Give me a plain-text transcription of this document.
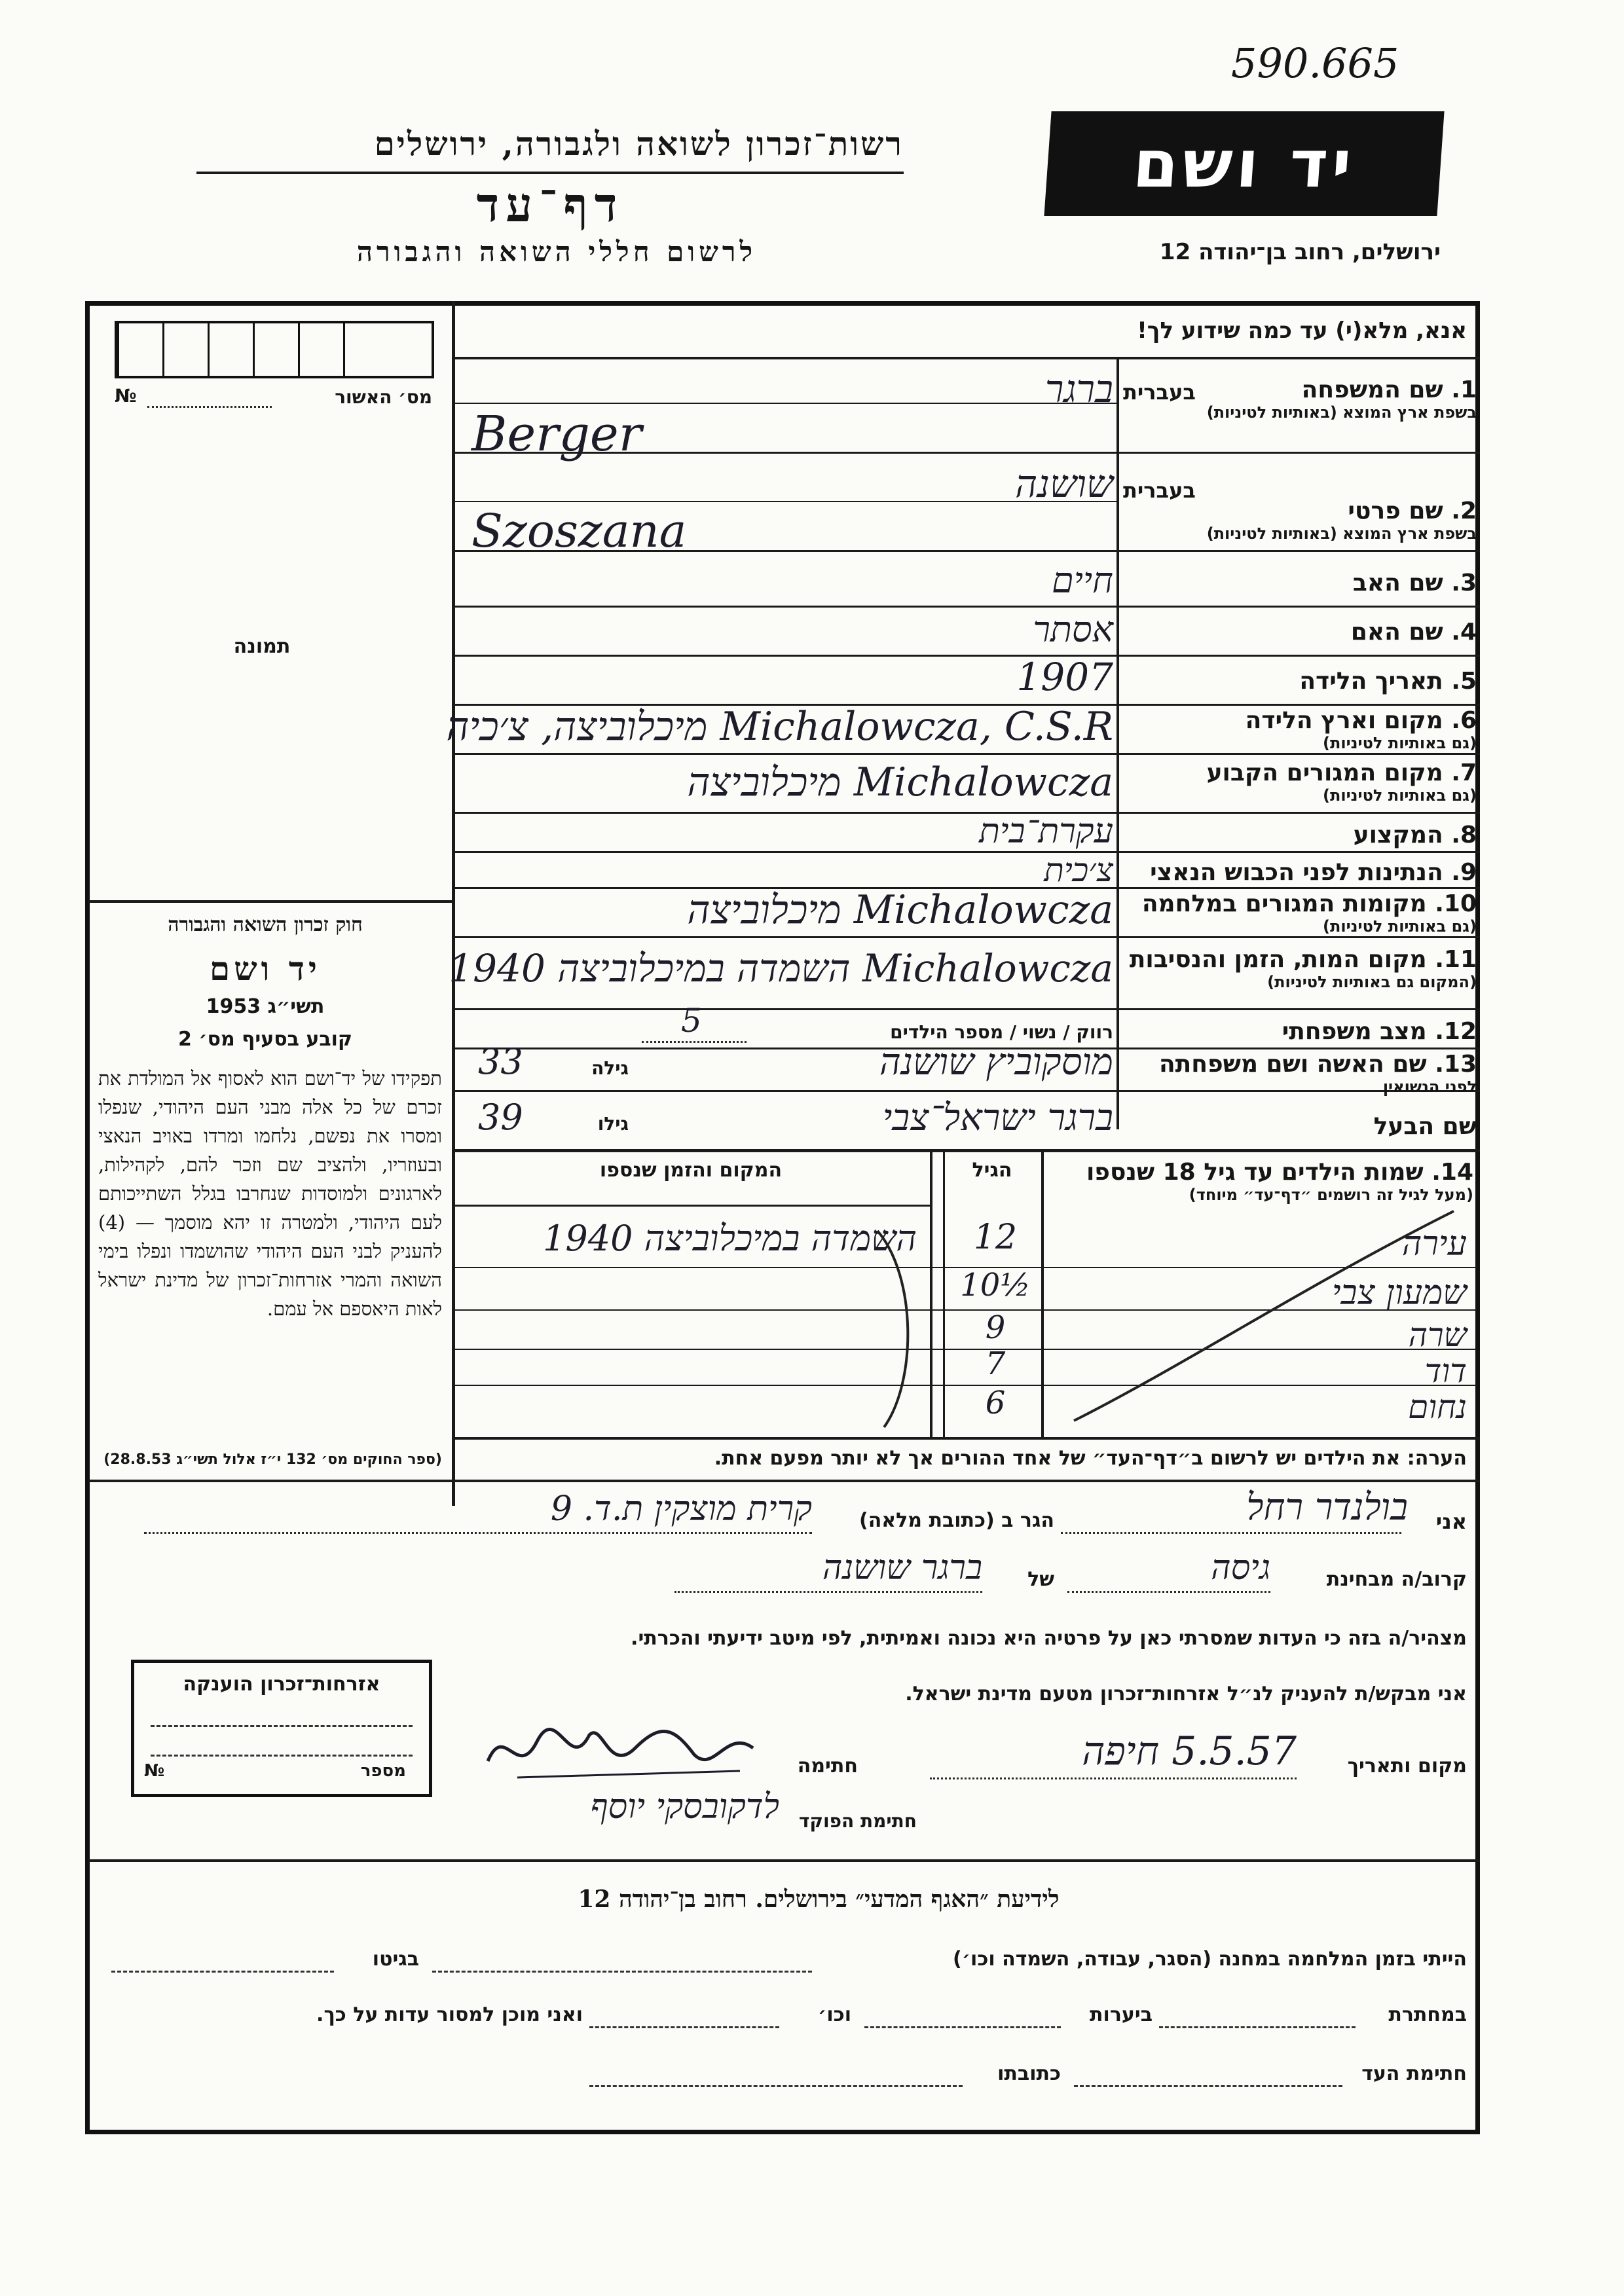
590.665
יד ושם
רשות־זכרון לשואה ולגבורה, ירושלים
דף־עד
לרשום חללי השואה והגבורה	ירושלים, רחוב בן־יהודה 12
אנא, מלא(י) עד כמה שידוע לך!
מס׳ האשור
№
תמונה
חוק זכרון השואה והגבורה
יד ושם
תשי״ג 1953
קובע בסעיף מס׳ 2
תפקידו של יד־ושם הוא לאסוף אל המולדת את זכרם של כל אלה מבני העם היהודי, שנפלו ומסרו את נפשם, נלחמו ומרדו באויב הנאצי ובעוזריו, ולהציב שם וזכר להם, לקהילות, לארגונים ולמוסדות שנחרבו בגלל השתייכותם לעם היהודי, ולמטרה זו יהא מוסמך — (4) להעניק לבני העם היהודי שהושמדו ונפלו בימי השואה והמרי אזרחות־זכרון של מדינת ישראל לאות היאספם אל עמם.
(ספר החוקים מס׳ 132 י״ז אלול תשי״ג 28.8.53)
1. שם המשפחה
בשפת ארץ המוצא (באותיות לטיניות)
בעברית
ברגר
Berger
2. שם פרטי
בשפת ארץ המוצא (באותיות לטיניות)
בעברית
שושנה
Szoszana
3. שם האב
חיים
4. שם האם
אסתר
5. תאריך הלידה
1907
6. מקום וארץ הלידה
(גם באותיות לטיניות)
Michalowcza, C.S.R מיכלוביצה, צ׳כיה
7. מקום המגורים הקבוע
(גם באותיות לטיניות)
Michalowcza מיכלוביצה
8. המקצוע
עקרת־בית
9. הנתינות לפני הכבוש הנאצי
צ׳כית
10. מקומות המגורים במלחמה
(גם באותיות לטיניות)
Michalowcza מיכלוביצה
11. מקום המות, הזמן והנסיבות
(המקום גם באותיות לטיניות)
Michalowcza השמדה במיכלוביצה 1940
12. מצב משפחתי
רווק / נשוי / מספר הילדים
5
13. שם האשה ושם משפחתה
לפני הנשואין
מוסקוביץ שושנה
גילה
33
שם הבעל
ברגר ישראל־צבי
גילו
39
14. שמות הילדים עד גיל 18 שנספו
(מעל לגיל זה רושמים ״דף־עד״ מיוחד)
הגיל
המקום והזמן שנספו
עירה
12
שמעון צבי
10½
שרה
9
דוד
7
נחום
6
השמדה במיכלוביצה 1940
הערה: את הילדים יש לרשום ב״דף־העד״ של אחד ההורים אך לא יותר מפעם אחת.
אני
בולנדר רחל
הגר ב (כתובת מלאה)
קרית מוצקין ת.ד. 9
קרוב/ה מבחינת
גיסה
של
ברגר שושנה
מצהיר/ה בזה כי העדות שמסרתי כאן על פרטיה היא נכונה ואמיתית, לפי מיטב ידיעתי והכרתי.
אני מבקש/ת להעניק לנ״ל אזרחות־זכרון מטעם מדינת ישראל.
אזרחות־זכרון הוענקה
מספר
№	מקום ותאריך
5.5.57 חיפה
חתימה
חתימת הפוקד
לדקובסקי יוסף
לידיעת ״האגף המדעי״ בירושלים. רחוב בן־יהודה 12
הייתי בזמן המלחמה במחנה (הסגר, עבודה, השמדה וכו׳)
בגיטו
במחתרת
ביערות
וכו׳
ואני מוכן למסור עדות על כך.
חתימת העד
כתובתו
